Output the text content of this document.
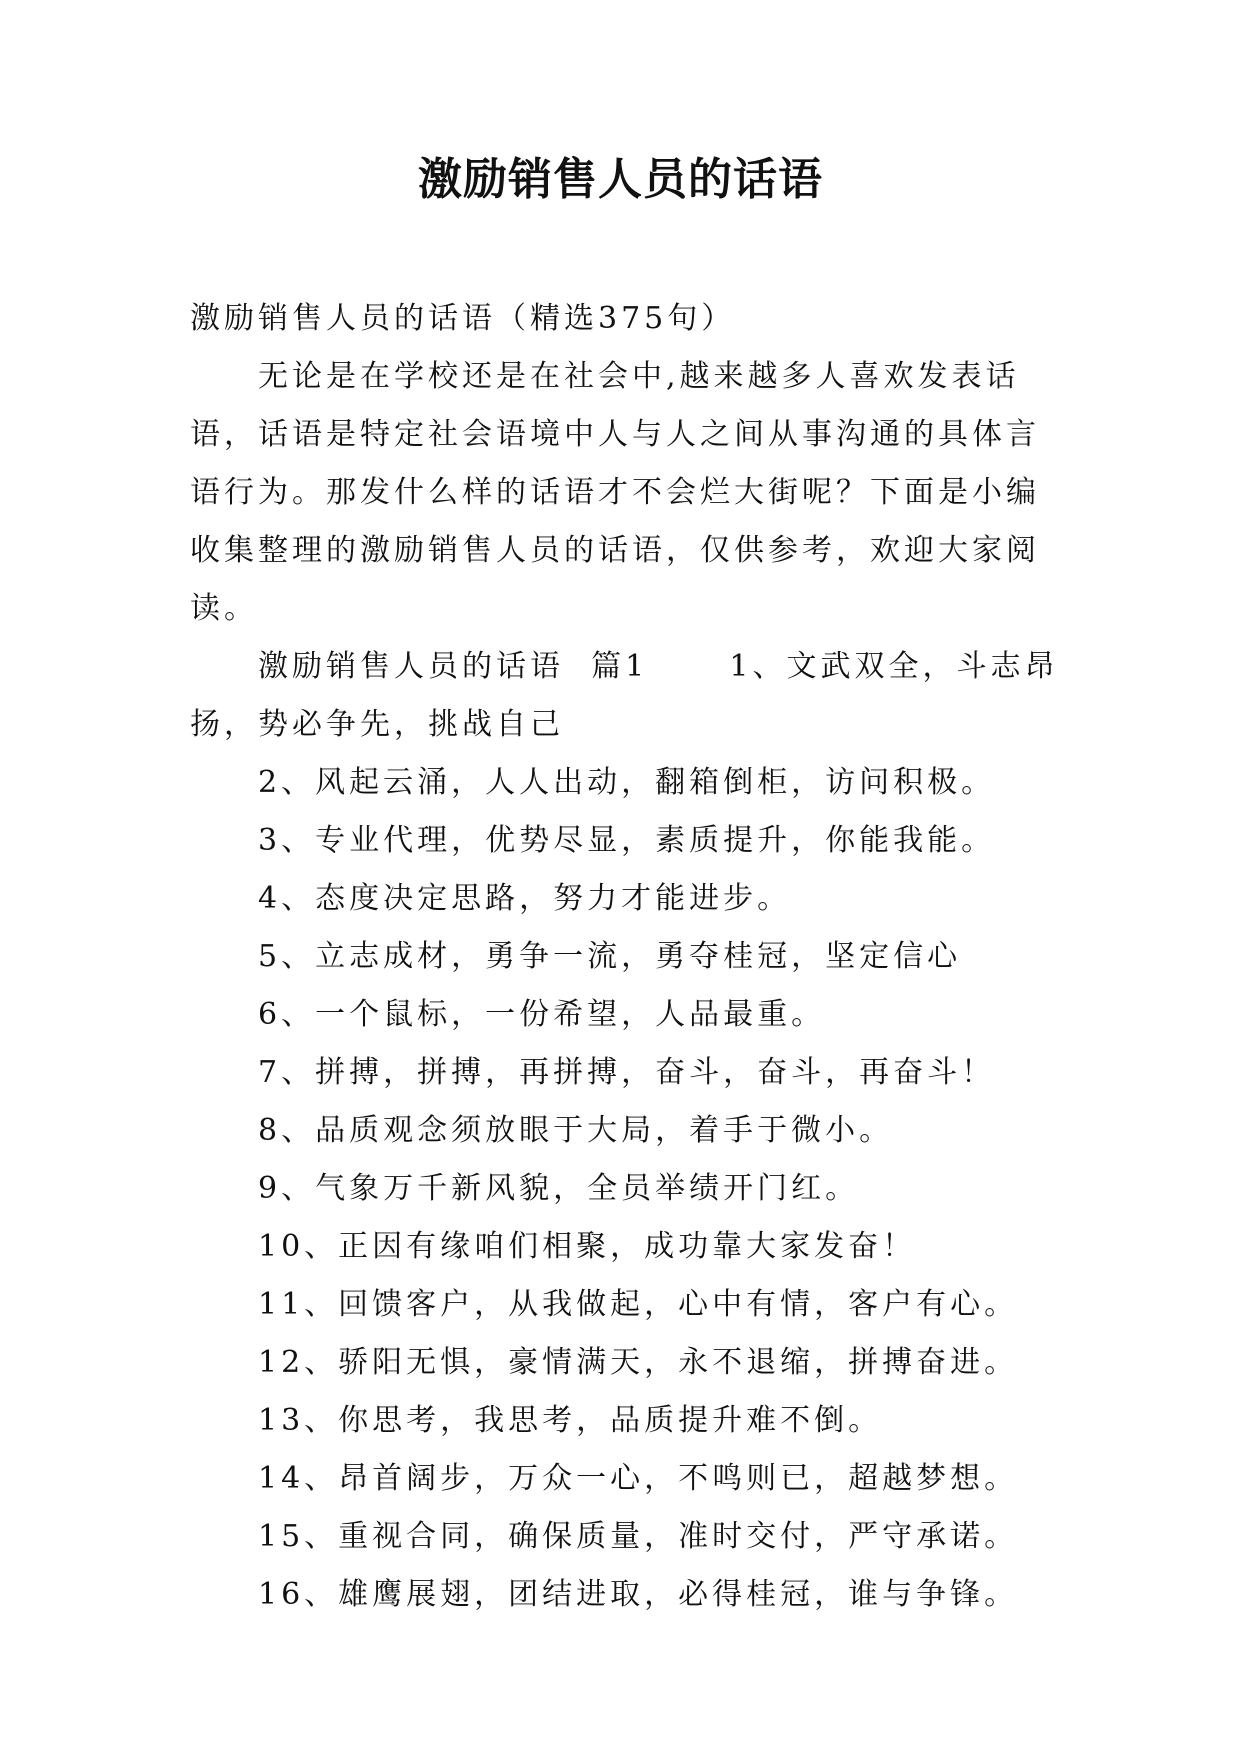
激励销售人员的话语

激励销售人员的话语（精选375句）

无论是在学校还是在社会中,越来越多人喜欢发表话语，话语是特定社会语境中人与人之间从事沟通的具体言语行为。那发什么样的话语才不会烂大街呢？下面是小编收集整理的激励销售人员的话语，仅供参考，欢迎大家阅读。

激励销售人员的话语  篇1      1、文武双全，斗志昂扬，势必争先，挑战自己

2、风起云涌，人人出动，翻箱倒柜，访问积极。

3、专业代理，优势尽显，素质提升，你能我能。

4、态度决定思路，努力才能进步。

5、立志成材，勇争一流，勇夺桂冠，坚定信心

6、一个鼠标，一份希望，人品最重。

7、拼搏，拼搏，再拼搏，奋斗，奋斗，再奋斗！

8、品质观念须放眼于大局，着手于微小。

9、气象万千新风貌，全员举绩开门红。

10、正因有缘咱们相聚，成功靠大家发奋！

11、回馈客户，从我做起，心中有情，客户有心。

12、骄阳无惧，豪情满天，永不退缩，拼搏奋进。

13、你思考，我思考，品质提升难不倒。

14、昂首阔步，万众一心，不鸣则已，超越梦想。

15、重视合同，确保质量，准时交付，严守承诺。

16、雄鹰展翅，团结进取，必得桂冠，谁与争锋。
